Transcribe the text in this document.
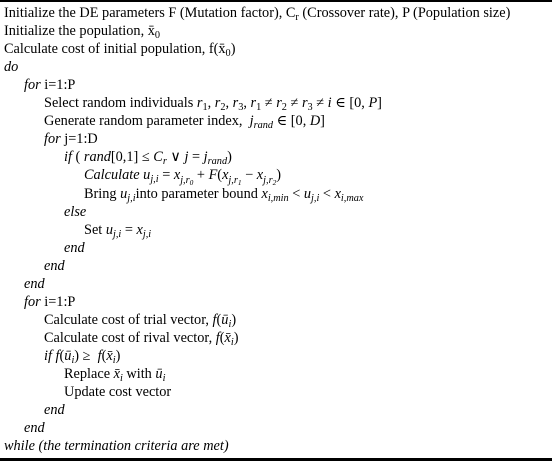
Initialize the DE parameters F (Mutation factor), $C_r$ (Crossover rate), P (Population size)
Initialize the population, $x̄_0$
Calculate cost of initial population, $f(x̄_0)$
do
for i=1:P
Select random individuals $r_1$, $r_2$, $r_3$, $r_1 \ne r_2 \ne r_3 \ne i$ ∈ [0, P]
Generate random parameter index,  $j_{rand}$ ∈ [0, D]
for j=1:D
if ( rand[0,1] ≤ $C_r$ ∨ $j = j_{rand}$)
Calculate $u_{j,i} = x_{j,r_0} + F(x_{j,r_1} - x_{j,r_2})$
Bring $u_{j,i}into$ parameter bound $x_{i,min} < u_{j,i} < x_{i,max}$
else
Set $u_{j,i} = x_{j,i}$
end
end
end
for i=1:P
Calculate cost of trial vector, $f(ū_i)$
Calculate cost of rival vector, $f(x̄_i)$
if $f(ū_i)$ ≥  $f(x̄_i)$
Replace $x̄_i$ with $ū_i$
Update cost vector
end
end
while (the termination criteria are met)
